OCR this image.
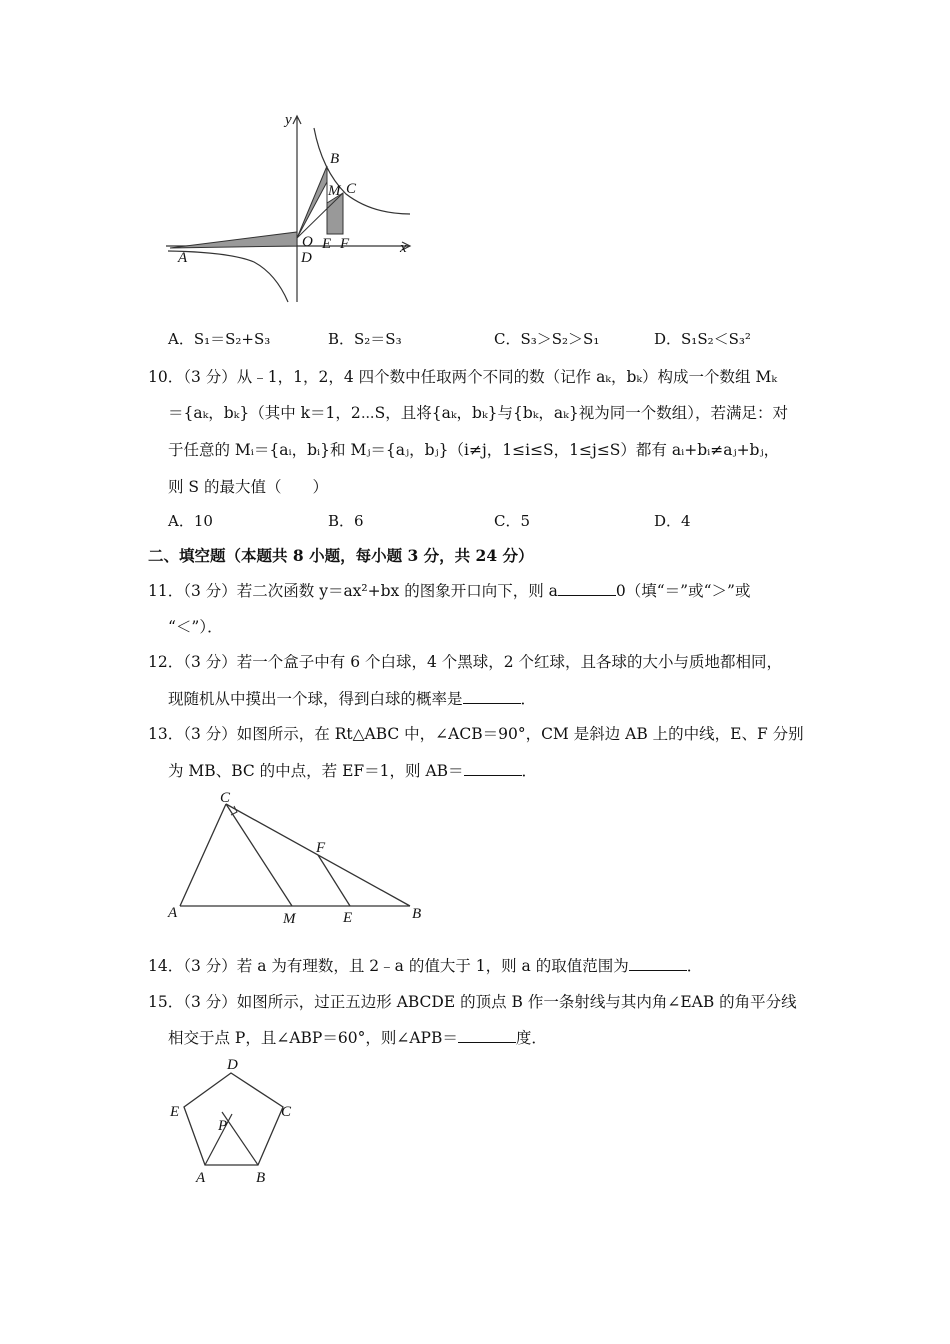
y
x
B
C
M
O
D
E F
A
A．S₁＝S₂+S₃	B．S₂＝S₃	C．S₃＞S₂＞S₁	D．S₁S₂＜S₃²
10．（3 分）从﹣1，1，2，4 四个数中任取两个不同的数（记作 aₖ，bₖ）构成一个数组 Mₖ
＝{aₖ，bₖ}（其中 k＝1，2⋯S，且将{aₖ，bₖ}与{bₖ，aₖ}视为同一个数组），若满足：对
于任意的 Mᵢ＝{aᵢ，bᵢ}和 Mⱼ＝{aⱼ，bⱼ}（i≠j，1≤i≤S，1≤j≤S）都有 aᵢ+bᵢ≠aⱼ+bⱼ，
则 S 的最大值（　　）
A．10	B．6	C．5	D．4
二、填空题（本题共 8 小题，每小题 3 分，共 24 分）
11．（3 分）若二次函数 y＝ax²+bx 的图象开口向下，则 a	0（填“＝”或“＞”或
“＜”）．
12．（3 分）若一个盒子中有 6 个白球，4 个黑球，2 个红球，且各球的大小与质地都相同，
现随机从中摸出一个球，得到白球的概率是	．
13．（3 分）如图所示，在 Rt△ABC 中，∠ACB＝90°，CM 是斜边 AB 上的中线，E、F 分别
为 MB、BC 的中点，若 EF＝1，则 AB＝	．
C
F
A	M	E	B
14．（3 分）若 a 为有理数，且 2﹣a 的值大于 1，则 a 的取值范围为	．
15．（3 分）如图所示，过正五边形 ABCDE 的顶点 B 作一条射线与其内角∠EAB 的角平分线
相交于点 P，且∠ABP＝60°，则∠APB＝	度．
D
E	C
P
A	B
